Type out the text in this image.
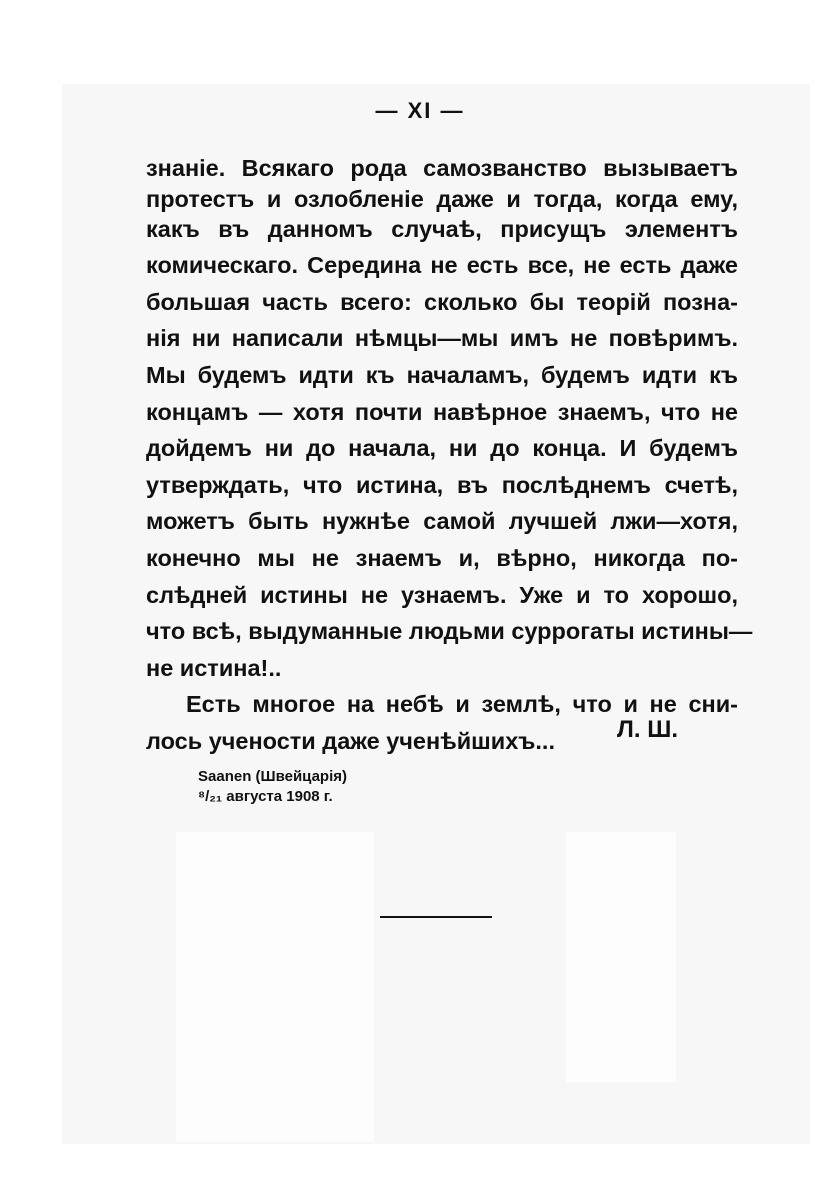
— XI —
знаніе. Всякаго рода самозванство вызываетъ
протестъ и озлобленіе даже и тогда, когда ему,
какъ въ данномъ случаѣ, присущъ элементъ
комическаго. Середина не есть все, не есть даже
большая часть всего: сколько бы теорій позна-
нія ни написали нѣмцы—мы имъ не повѣримъ.
Мы будемъ идти къ началамъ, будемъ идти къ
концамъ — хотя почти навѣрное знаемъ, что не
дойдемъ ни до начала, ни до конца. И будемъ
утверждать, что истина, въ послѣднемъ счетѣ,
можетъ быть нужнѣе самой лучшей лжи—хотя,
конечно мы не знаемъ и, вѣрно, никогда по-
слѣдней истины не узнаемъ. Уже и то хорошо,
что всѣ, выдуманные людьми суррогаты истины—
не истина!..
Есть многое на небѣ и землѣ, что и не сни-
лось учености даже ученѣйшихъ...	Л. Ш.
Saanen (Швейцарія)
⁸/₂₁ августа 1908 г.
